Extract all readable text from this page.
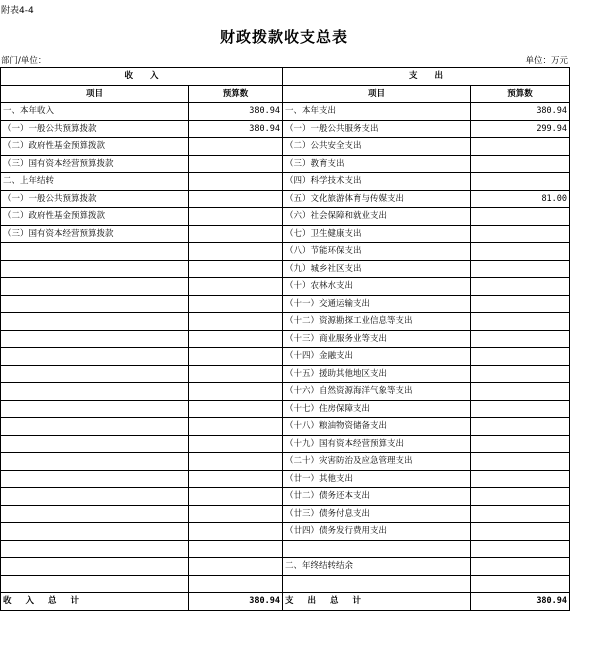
附表4-4
财政拨款收支总表
部门/单位：	单位：万元
收　　入		支　　出	
项目	预算数	项目	预算数
一、本年收入	380.94	一、本年支出	380.94
（一）一般公共预算拨款	380.94	（一）一般公共服务支出	299.94
（二）政府性基金预算拨款		（二）公共安全支出	
（三）国有资本经营预算拨款		（三）教育支出	
二、上年结转		（四）科学技术支出	
（一）一般公共预算拨款		（五）文化旅游体育与传媒支出	81.00
（二）政府性基金预算拨款		（六）社会保障和就业支出	
（三）国有资本经营预算拨款		（七）卫生健康支出	
		（八）节能环保支出	
		（九）城乡社区支出	
		（十）农林水支出	
		（十一）交通运输支出	
		（十二）资源勘探工业信息等支出	
		（十三）商业服务业等支出	
		（十四）金融支出	
		（十五）援助其他地区支出	
		（十六）自然资源海洋气象等支出	
		（十七）住房保障支出	
		（十八）粮油物资储备支出	
		（十九）国有资本经营预算支出	
		（二十）灾害防治及应急管理支出	
		（廿一）其他支出	
		（廿二）债务还本支出	
		（廿三）债务付息支出	
		（廿四）债务发行费用支出	

		二、年终结转结余	

收入总计	380.94	支出总计	380.94
